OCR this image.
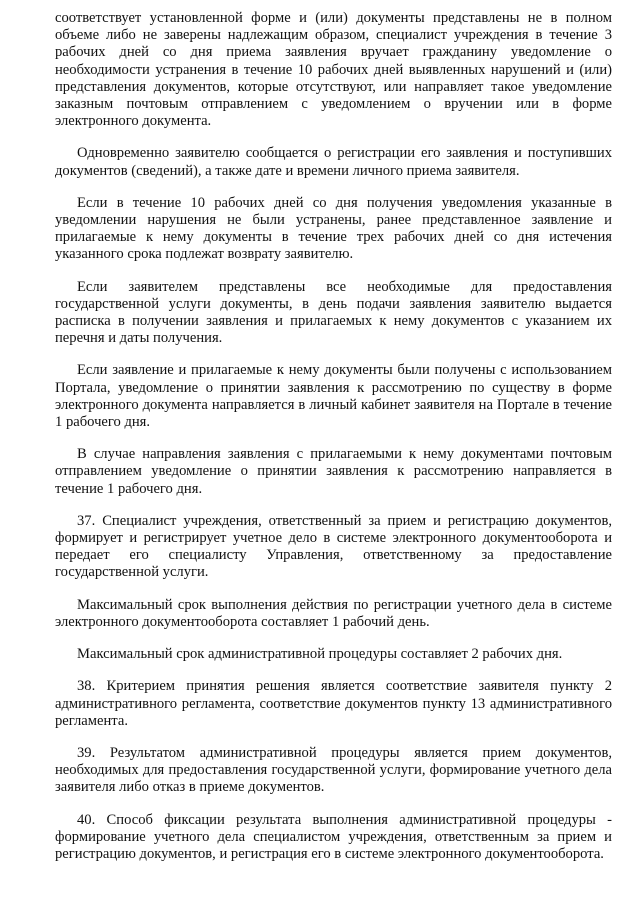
соответствует установленной форме и (или) документы представлены не в полном объеме либо не заверены надлежащим образом, специалист учреждения в течение 3 рабочих дней со дня приема заявления вручает гражданину уведомление о необходимости устранения в течение 10 рабочих дней выявленных нарушений и (или) представления документов, которые отсутствуют, или направляет такое уведомление заказным почтовым отправлением с уведомлением о вручении или в форме электронного документа.

Одновременно заявителю сообщается о регистрации его заявления и поступивших документов (сведений), а также дате и времени личного приема заявителя.

Если в течение 10 рабочих дней со дня получения уведомления указанные в уведомлении нарушения не были устранены, ранее представленное заявление и прилагаемые к нему документы в течение трех рабочих дней со дня истечения указанного срока подлежат возврату заявителю.

Если заявителем представлены все необходимые для предоставления государственной услуги документы, в день подачи заявления заявителю выдается расписка в получении заявления и прилагаемых к нему документов с указанием их перечня и даты получения.

Если заявление и прилагаемые к нему документы были получены с использованием Портала, уведомление о принятии заявления к рассмотрению по существу в форме электронного документа направляется в личный кабинет заявителя на Портале в течение 1 рабочего дня.

В случае направления заявления с прилагаемыми к нему документами почтовым отправлением уведомление о принятии заявления к рассмотрению направляется в течение 1 рабочего дня.

37. Специалист учреждения, ответственный за прием и регистрацию документов, формирует и регистрирует учетное дело в системе электронного документооборота и передает его специалисту Управления, ответственному за предоставление государственной услуги.

Максимальный срок выполнения действия по регистрации учетного дела в системе электронного документооборота составляет 1 рабочий день.

Максимальный срок административной процедуры составляет 2 рабочих дня.

38. Критерием принятия решения является соответствие заявителя пункту 2 административного регламента, соответствие документов пункту 13 административного регламента.

39. Результатом административной процедуры является прием документов, необходимых для предоставления государственной услуги, формирование учетного дела заявителя либо отказ в приеме документов.

40. Способ фиксации результата выполнения административной процедуры - формирование учетного дела специалистом учреждения, ответственным за прием и регистрацию документов, и регистрация его в системе электронного документооборота.
